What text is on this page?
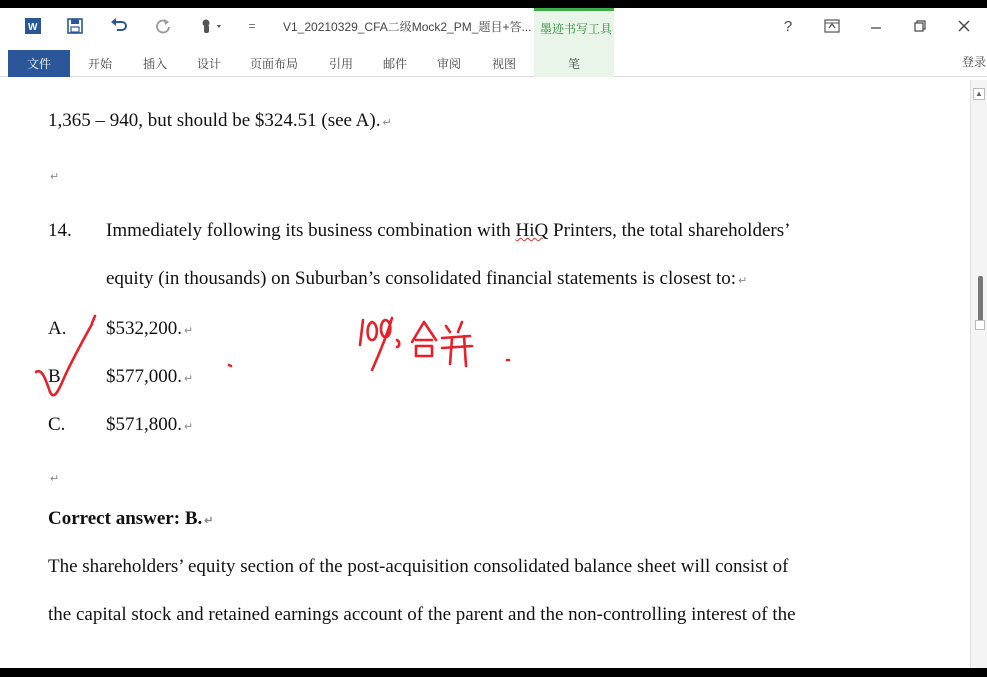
W	=	V1_20210329_CFA二级Mock2_PM_题目+答... 墨迹书写工具	?
文件	开始	插入 设计 页面布局	引用 邮件 审阅	视图	笔	登录
1,365 – 940, but should be $324.51 (see A). ↵
↵
14. Immediately following its business combination with HiQ Printers, the total shareholders’
equity (in thousands) on Suburban’s consolidated financial statements is closest to: ↵
A. $532,200. ↵
B $577,000. ↵
C. $571,800. ↵
↵
Correct answer: B. ↵
The shareholders’ equity section of the post-acquisition consolidated balance sheet will consist of
the capital stock and retained earnings account of the parent and the non-controlling interest of the
▲
